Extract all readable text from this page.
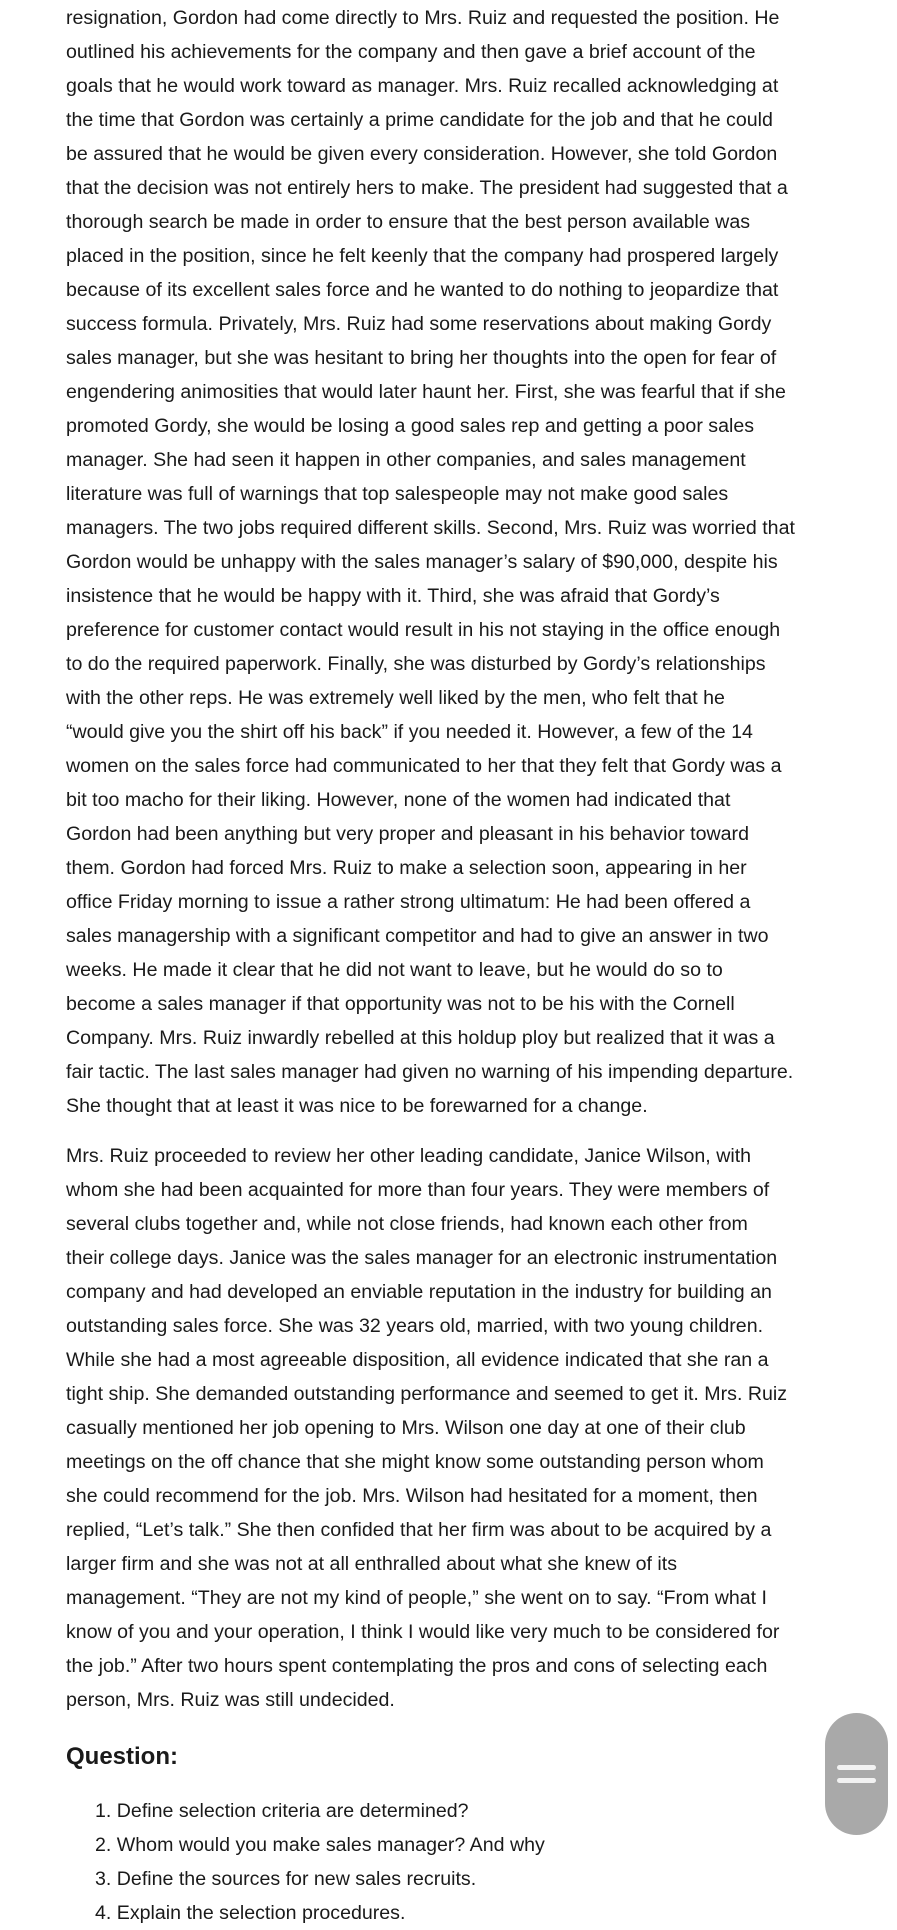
resignation, Gordon had come directly to Mrs. Ruiz and requested the position. He
outlined his achievements for the company and then gave a brief account of the
goals that he would work toward as manager. Mrs. Ruiz recalled acknowledging at
the time that Gordon was certainly a prime candidate for the job and that he could
be assured that he would be given every consideration. However, she told Gordon
that the decision was not entirely hers to make. The president had suggested that a
thorough search be made in order to ensure that the best person available was
placed in the position, since he felt keenly that the company had prospered largely
because of its excellent sales force and he wanted to do nothing to jeopardize that
success formula. Privately, Mrs. Ruiz had some reservations about making Gordy
sales manager, but she was hesitant to bring her thoughts into the open for fear of
engendering animosities that would later haunt her. First, she was fearful that if she
promoted Gordy, she would be losing a good sales rep and getting a poor sales
manager. She had seen it happen in other companies, and sales management
literature was full of warnings that top salespeople may not make good sales
managers. The two jobs required different skills. Second, Mrs. Ruiz was worried that
Gordon would be unhappy with the sales manager’s salary of $90,000, despite his
insistence that he would be happy with it. Third, she was afraid that Gordy’s
preference for customer contact would result in his not staying in the office enough
to do the required paperwork. Finally, she was disturbed by Gordy’s relationships
with the other reps. He was extremely well liked by the men, who felt that he
“would give you the shirt off his back” if you needed it. However, a few of the 14
women on the sales force had communicated to her that they felt that Gordy was a
bit too macho for their liking. However, none of the women had indicated that
Gordon had been anything but very proper and pleasant in his behavior toward
them. Gordon had forced Mrs. Ruiz to make a selection soon, appearing in her
office Friday morning to issue a rather strong ultimatum: He had been offered a
sales managership with a significant competitor and had to give an answer in two
weeks. He made it clear that he did not want to leave, but he would do so to
become a sales manager if that opportunity was not to be his with the Cornell
Company. Mrs. Ruiz inwardly rebelled at this holdup ploy but realized that it was a
fair tactic. The last sales manager had given no warning of his impending departure.
She thought that at least it was nice to be forewarned for a change.
Mrs. Ruiz proceeded to review her other leading candidate, Janice Wilson, with
whom she had been acquainted for more than four years. They were members of
several clubs together and, while not close friends, had known each other from
their college days. Janice was the sales manager for an electronic instrumentation
company and had developed an enviable reputation in the industry for building an
outstanding sales force. She was 32 years old, married, with two young children.
While she had a most agreeable disposition, all evidence indicated that she ran a
tight ship. She demanded outstanding performance and seemed to get it. Mrs. Ruiz
casually mentioned her job opening to Mrs. Wilson one day at one of their club
meetings on the off chance that she might know some outstanding person whom
she could recommend for the job. Mrs. Wilson had hesitated for a moment, then
replied, “Let’s talk.” She then confided that her firm was about to be acquired by a
larger firm and she was not at all enthralled about what she knew of its
management. “They are not my kind of people,” she went on to say. “From what I
know of you and your operation, I think I would like very much to be considered for
the job.” After two hours spent contemplating the pros and cons of selecting each
person, Mrs. Ruiz was still undecided.
Question:
1. Define selection criteria are determined?
2. Whom would you make sales manager? And why
3. Define the sources for new sales recruits.
4. Explain the selection procedures.
